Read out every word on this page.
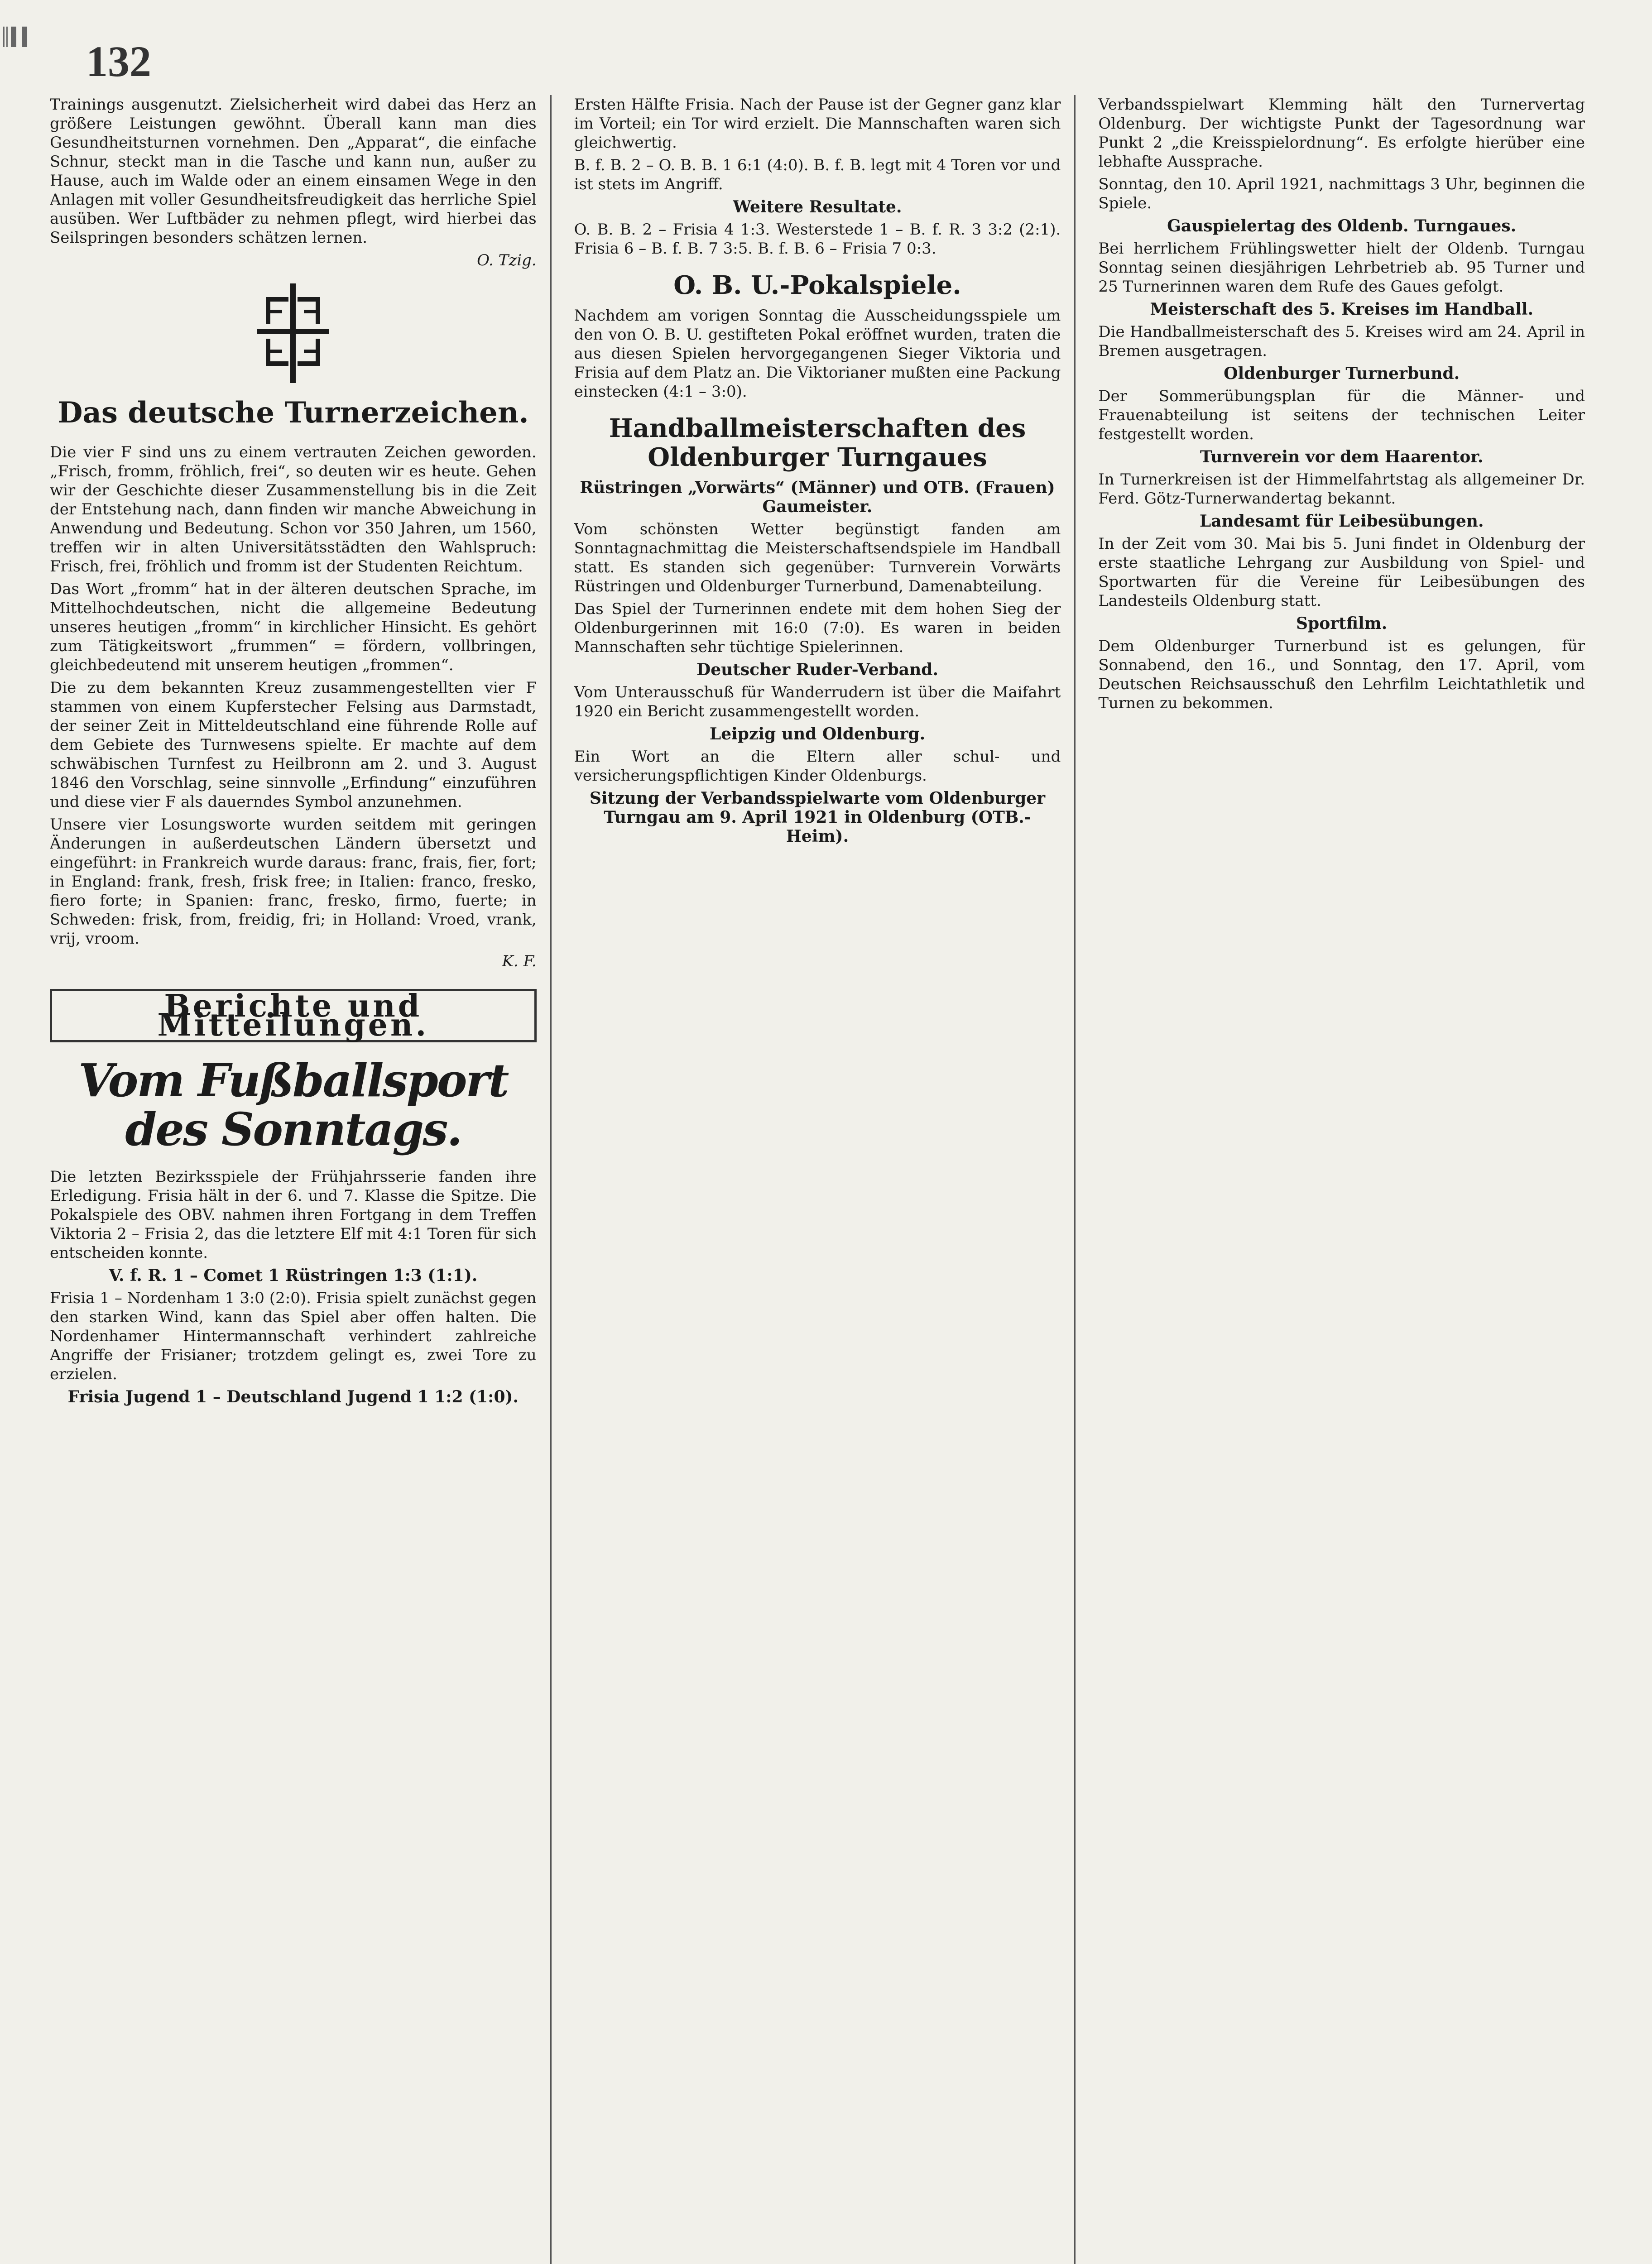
║▌▌	132

Trainings ausgenutzt. Zielsicherheit wird dabei das Herz an größere Leistungen gewöhnt. Überall kann man dies Gesundheitsturnen vornehmen. Den „Apparat“, die einfache Schnur, steckt man in die Tasche und kann nun, außer zu Hause, auch im Walde oder an einem einsamen Wege in den Anlagen mit voller Gesundheitsfreudigkeit das herrliche Spiel ausüben. Wer Luftbäder zu nehmen pflegt, wird hierbei das Seilspringen besonders schätzen lernen.

O. Tzig.

Das deutsche Turnerzeichen.

Die vier F sind uns zu einem vertrauten Zeichen geworden. „Frisch, fromm, fröhlich, frei“, so deuten wir es heute. Gehen wir der Geschichte dieser Zusammenstellung bis in die Zeit der Entstehung nach, dann finden wir manche Abweichung in Anwendung und Bedeutung. Schon vor 350 Jahren, um 1560, treffen wir in alten Universitätsstädten den Wahlspruch: Frisch, frei, fröhlich und fromm ist der Studenten Reichtum.

Das Wort „fromm“ hat in der älteren deutschen Sprache, im Mittelhochdeutschen, nicht die allgemeine Bedeutung unseres heutigen „fromm“ in kirchlicher Hinsicht. Es gehört zum Tätigkeitswort „frummen“ = fördern, vollbringen, gleichbedeutend mit unserem heutigen „frommen“.

Die zu dem bekannten Kreuz zusammengestellten vier F stammen von einem Kupferstecher Felsing aus Darmstadt, der seiner Zeit in Mitteldeutschland eine führende Rolle auf dem Gebiete des Turnwesens spielte. Er machte auf dem schwäbischen Turnfest zu Heilbronn am 2. und 3. August 1846 den Vorschlag, seine sinnvolle „Erfindung“ einzuführen und diese vier F als dauerndes Symbol anzunehmen.

Unsere vier Losungsworte wurden seitdem mit geringen Änderungen in außerdeutschen Ländern übersetzt und eingeführt: in Frankreich wurde daraus: franc, frais, fier, fort; in England: frank, fresh, frisk free; in Italien: franco, fresko, fiero forte; in Spanien: franc, fresko, firmo, fuerte; in Schweden: frisk, from, freidig, fri; in Holland: Vroed, vrank, vrij, vroom.

K. F.

Berichte und Mitteilungen.
Vom Fußballsport des Sonntags.

Die letzten Bezirksspiele der Frühjahrsserie fanden ihre Erledigung. Frisia hält in der 6. und 7. Klasse die Spitze. Die Pokalspiele des OBV. nahmen ihren Fortgang in dem Treffen Viktoria 2 – Frisia 2, das die letztere Elf mit 4:1 Toren für sich entscheiden konnte.

V. f. R. 1 – Comet 1 Rüstringen 1:3 (1:1).

Frisia 1 – Nordenham 1 3:0 (2:0). Frisia spielt zunächst gegen den starken Wind, kann das Spiel aber offen halten. Die Nordenhamer Hintermannschaft verhindert zahlreiche Angriffe der Frisianer; trotzdem gelingt es, zwei Tore zu erzielen.

Frisia Jugend 1 – Deutschland Jugend 1 1:2 (1:0).

Ersten Hälfte Frisia. Nach der Pause ist der Gegner ganz klar im Vorteil; ein Tor wird erzielt. Die Mannschaften waren sich gleichwertig.

B. f. B. 2 – O. B. B. 1 6:1 (4:0). B. f. B. legt mit 4 Toren vor und ist stets im Angriff.

Weitere Resultate.

O. B. B. 2 – Frisia 4 1:3. Westerstede 1 – B. f. R. 3 3:2 (2:1). Frisia 6 – B. f. B. 7 3:5. B. f. B. 6 – Frisia 7 0:3.

O. B. U.-Pokalspiele.

Nachdem am vorigen Sonntag die Ausscheidungsspiele um den von O. B. U. gestifteten Pokal eröffnet wurden, traten die aus diesen Spielen hervorgegangenen Sieger Viktoria und Frisia auf dem Platz an. Die Viktorianer mußten eine Packung einstecken (4:1 – 3:0).

Handballmeisterschaften des Oldenburger Turngaues

Rüstringen „Vorwärts“ (Männer) und OTB. (Frauen) Gaumeister.

Vom schönsten Wetter begünstigt fanden am Sonntagnachmittag die Meisterschaftsendspiele im Handball statt. Es standen sich gegenüber: Turnverein Vorwärts Rüstringen und Oldenburger Turnerbund, Damenabteilung.

Das Spiel der Turnerinnen endete mit dem hohen Sieg der Oldenburgerinnen mit 16:0 (7:0). Es waren in beiden Mannschaften sehr tüchtige Spielerinnen.

Deutscher Ruder-Verband.

Vom Unterausschuß für Wanderrudern ist über die Maifahrt 1920 ein Bericht zusammengestellt worden.

Leipzig und Oldenburg.

Ein Wort an die Eltern aller schul- und versicherungspflichtigen Kinder Oldenburgs.

Sitzung der Verbandsspielwarte vom Oldenburger Turngau am 9. April 1921 in Oldenburg (OTB.-Heim).

Verbandsspielwart Klemming hält den Turnervertag Oldenburg. Der wichtigste Punkt der Tagesordnung war Punkt 2 „die Kreisspielordnung“. Es erfolgte hierüber eine lebhafte Aussprache.

Sonntag, den 10. April 1921, nachmittags 3 Uhr, beginnen die Spiele.

Gauspielertag des Oldenb. Turngaues.

Bei herrlichem Frühlingswetter hielt der Oldenb. Turngau Sonntag seinen diesjährigen Lehrbetrieb ab. 95 Turner und 25 Turnerinnen waren dem Rufe des Gaues gefolgt.

Meisterschaft des 5. Kreises im Handball.

Die Handballmeisterschaft des 5. Kreises wird am 24. April in Bremen ausgetragen.

Oldenburger Turnerbund.

Der Sommerübungsplan für die Männer- und Frauenabteilung ist seitens der technischen Leiter festgestellt worden.

Turnverein vor dem Haarentor.

In Turnerkreisen ist der Himmelfahrtstag als allgemeiner Dr. Ferd. Götz-Turnerwandertag bekannt.

Landesamt für Leibesübungen.

In der Zeit vom 30. Mai bis 5. Juni findet in Oldenburg der erste staatliche Lehrgang zur Ausbildung von Spiel- und Sportwarten für die Vereine für Leibesübungen des Landesteils Oldenburg statt.

Sportfilm.

Dem Oldenburger Turnerbund ist es gelungen, für Sonnabend, den 16., und Sonntag, den 17. April, vom Deutschen Reichsausschuß den Lehrfilm Leichtathletik und Turnen zu bekommen.
